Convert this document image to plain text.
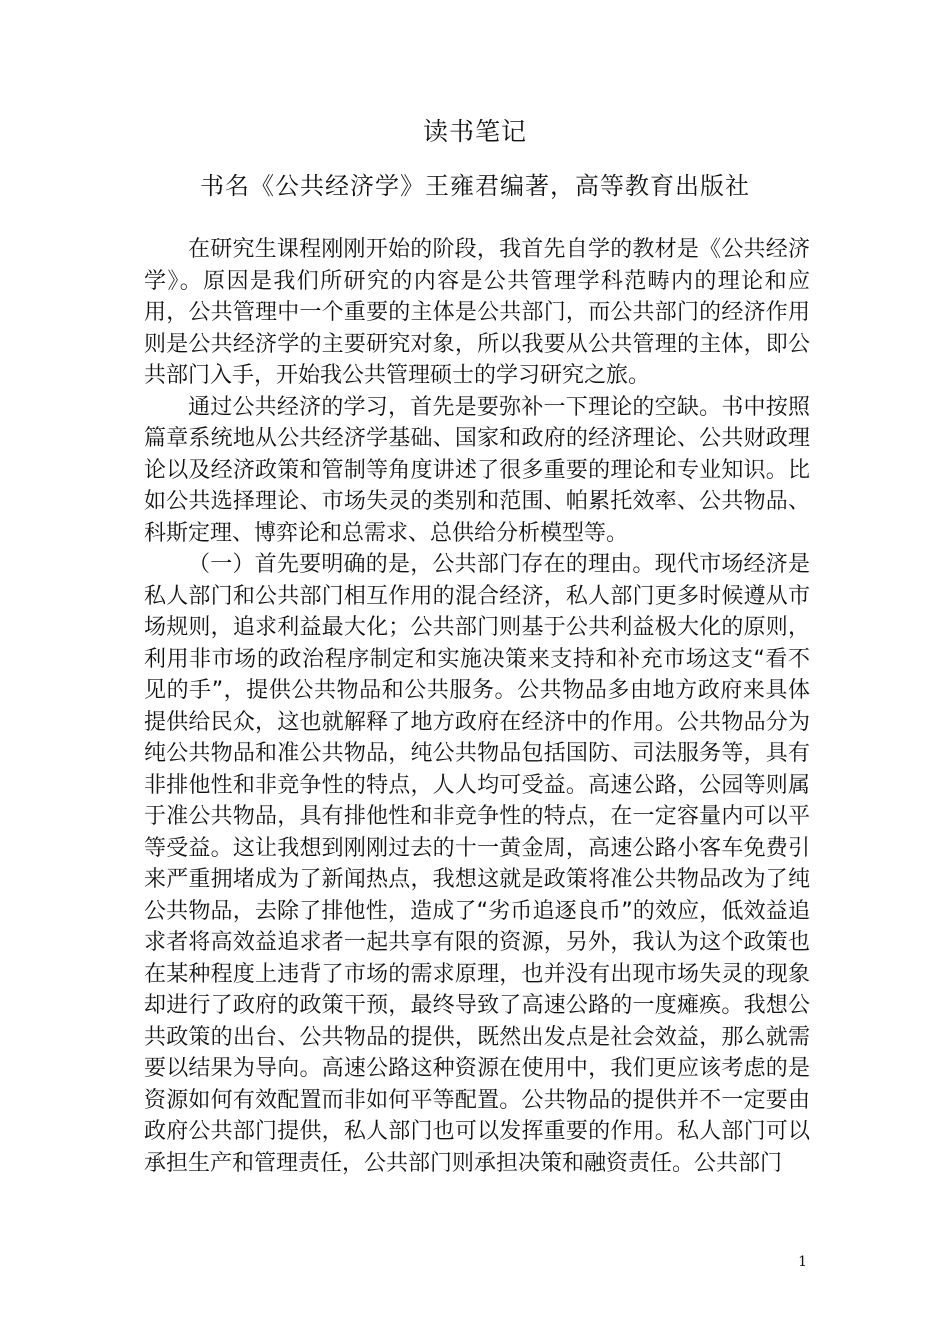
读书笔记
书名《公共经济学》王雍君编著，高等教育出版社

在研究生课程刚刚开始的阶段，我首先自学的教材是《公共经济学》。原因是我们所研究的内容是公共管理学科范畴内的理论和应用，公共管理中一个重要的主体是公共部门，而公共部门的经济作用则是公共经济学的主要研究对象，所以我要从公共管理的主体，即公共部门入手，开始我公共管理硕士的学习研究之旅。

通过公共经济的学习，首先是要弥补一下理论的空缺。书中按照篇章系统地从公共经济学基础、国家和政府的经济理论、公共财政理论以及经济政策和管制等角度讲述了很多重要的理论和专业知识。比如公共选择理论、市场失灵的类别和范围、帕累托效率、公共物品、科斯定理、博弈论和总需求、总供给分析模型等。

（一）首先要明确的是，公共部门存在的理由。现代市场经济是私人部门和公共部门相互作用的混合经济，私人部门更多时候遵从市场规则，追求利益最大化；公共部门则基于公共利益极大化的原则，利用非市场的政治程序制定和实施决策来支持和补充市场这支“看不见的手”，提供公共物品和公共服务。公共物品多由地方政府来具体提供给民众，这也就解释了地方政府在经济中的作用。公共物品分为纯公共物品和准公共物品，纯公共物品包括国防、司法服务等，具有非排他性和非竞争性的特点，人人均可受益。高速公路，公园等则属于准公共物品，具有排他性和非竞争性的特点，在一定容量内可以平等受益。这让我想到刚刚过去的十一黄金周，高速公路小客车免费引来严重拥堵成为了新闻热点，我想这就是政策将准公共物品改为了纯公共物品，去除了排他性，造成了“劣币追逐良币”的效应，低效益追求者将高效益追求者一起共享有限的资源，另外，我认为这个政策也在某种程度上违背了市场的需求原理，也并没有出现市场失灵的现象却进行了政府的政策干预，最终导致了高速公路的一度瘫痪。我想公共政策的出台、公共物品的提供，既然出发点是社会效益，那么就需要以结果为导向。高速公路这种资源在使用中，我们更应该考虑的是资源如何有效配置而非如何平等配置。公共物品的提供并不一定要由政府公共部门提供，私人部门也可以发挥重要的作用。私人部门可以承担生产和管理责任，公共部门则承担决策和融资责任。公共部门

1
